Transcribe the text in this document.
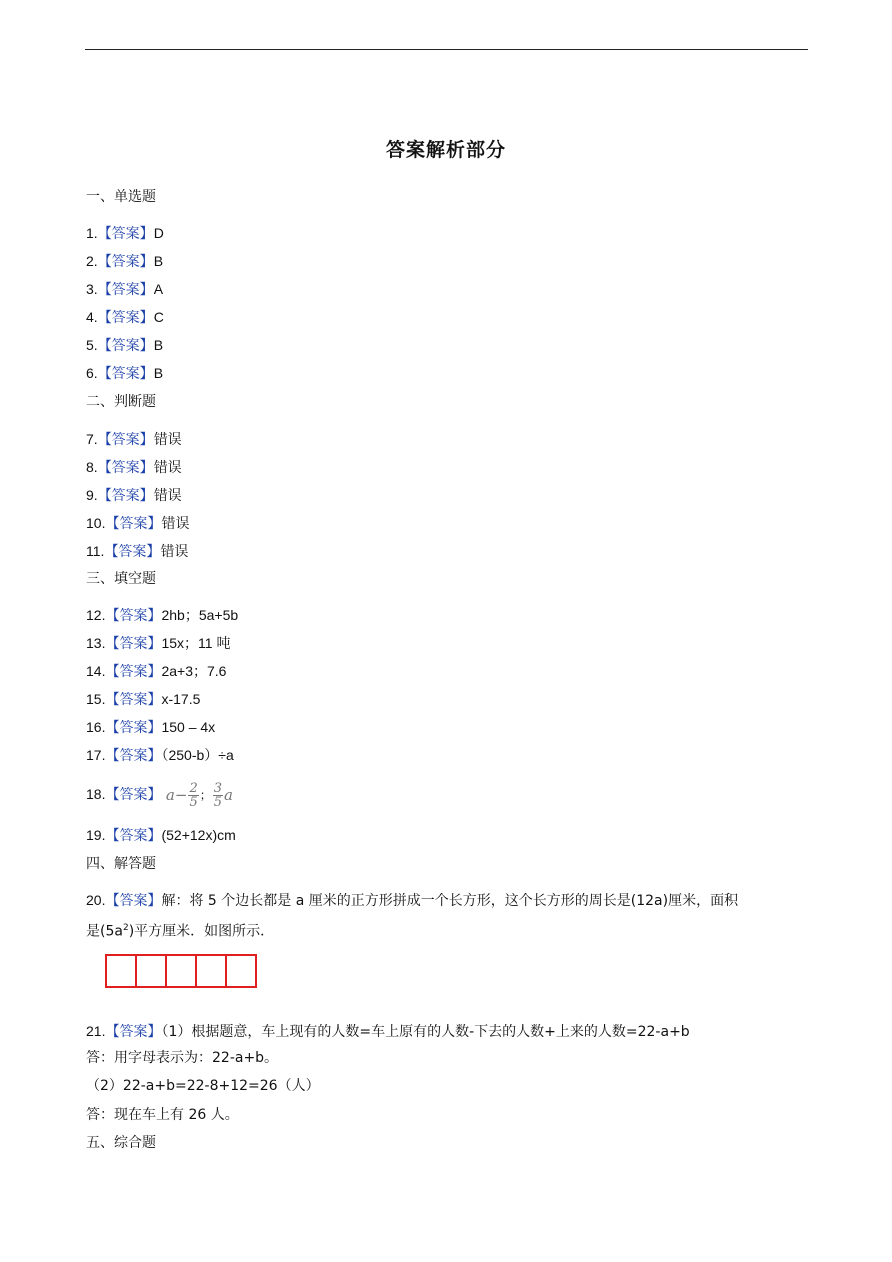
答案解析部分
一、单选题
1.【答案】D
2.【答案】B
3.【答案】A
4.【答案】C
5.【答案】B
6.【答案】B
二、判断题
7.【答案】错误
8.【答案】错误
9.【答案】错误
10.【答案】错误
11.【答案】错误
三、填空题
12.【答案】2hb；5a+5b
13.【答案】15x；11 吨
14.【答案】2a+3；7.6
15.【答案】x-17.5
16.【答案】150 – 4x
17.【答案】（250-b）÷a
18.【答案】 $a- \frac{2}{5}$ ； $\frac{3}{5}$ a
19.【答案】(52+12x)cm
四、解答题
20.【答案】解：将 5 个边长都是 a 厘米的正方形拼成一个长方形，这个长方形的周长是(12a)厘米，面积
是$(5a^2)$平方厘米．如图所示．
21.【答案】（1）根据题意，车上现有的人数=车上原有的人数-下去的人数+上来的人数=22-a+b
答：用字母表示为：22-a+b。
（2）22-a+b=22-8+12=26（人）
答：现在车上有 26 人。
五、综合题
